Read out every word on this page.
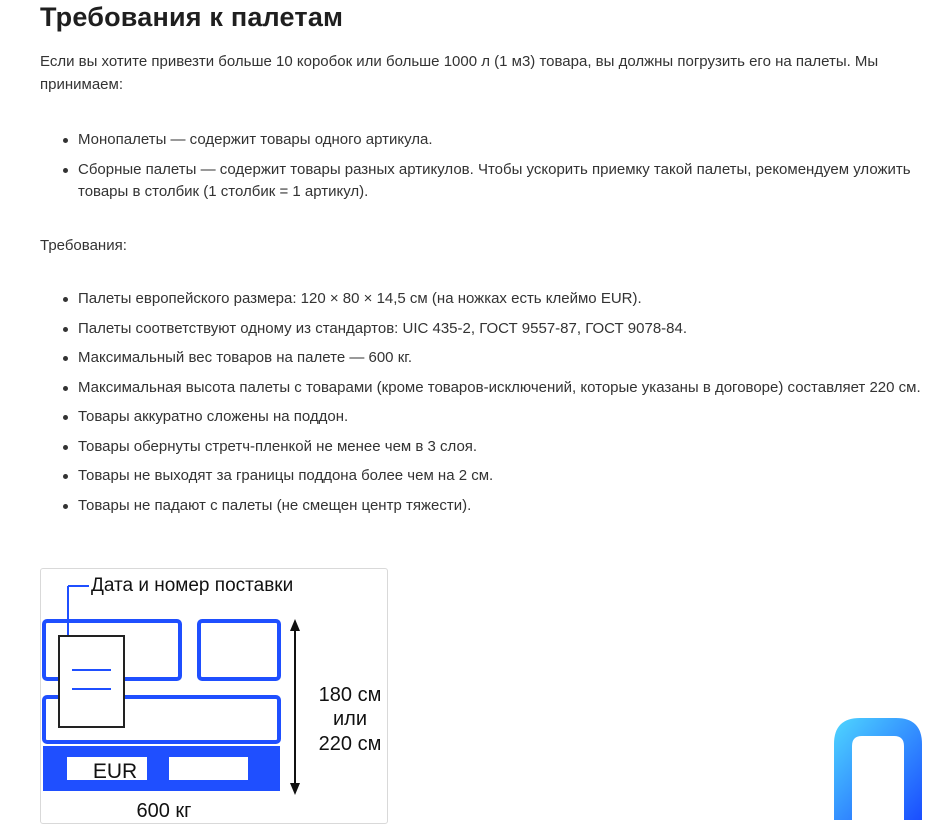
Требования к палетам
Если вы хотите привезти больше 10 коробок или больше 1000 л (1 м3) товара, вы должны погрузить его на палеты. Мы
принимаем:
Монопалеты — содержит товары одного артикула.
Сборные палеты — содержит товары разных артикулов. Чтобы ускорить приемку такой палеты, рекомендуем уложить товары в столбик (1 столбик = 1 артикул).

Требования:

Палеты европейского размера: 120 × 80 × 14,5 см (на ножках есть клеймо EUR).
Палеты соответствуют одному из стандартов: UIC 435-2, ГОСТ 9557-87, ГОСТ 9078-84.
Максимальный вес товаров на палете — 600 кг.
Максимальная высота палеты с товарами (кроме товаров-исключений, которые указаны в договоре) составляет 220 см.
Товары аккуратно сложены на поддон.
Товары обернуты стретч-пленкой не менее чем в 3 слоя.
Товары не выходят за границы поддона более чем на 2 см.
Товары не падают с палеты (не смещен центр тяжести).
EUR
Дата и номер поставки
180 см
или
220 см
600 кг
